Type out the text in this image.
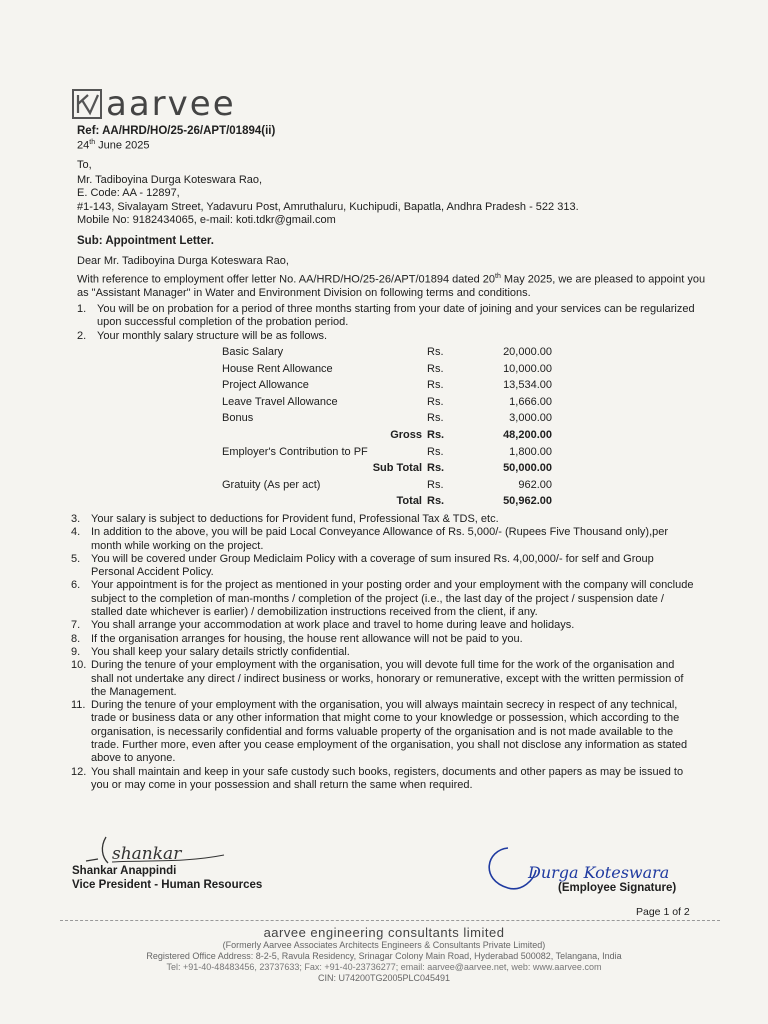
aarvee
Ref: AA/HRD/HO/25-26/APT/01894(ii)
24th June 2025
To,
Mr. Tadiboyina Durga Koteswara Rao,
E. Code: AA - 12897,
#1-143, Sivalayam Street, Yadavuru Post, Amruthaluru, Kuchipudi, Bapatla, Andhra Pradesh - 522 313.
Mobile No: 9182434065, e-mail: koti.tdkr@gmail.com
Sub: Appointment Letter.
Dear Mr. Tadiboyina Durga Koteswara Rao,
With reference to employment offer letter No. AA/HRD/HO/25-26/APT/01894 dated 20th May 2025, we are pleased to appoint you as "Assistant Manager" in Water and Environment Division on following terms and conditions.
1. You will be on probation for a period of three months starting from your date of joining and your services can be regularized upon successful completion of the probation period.
2. Your monthly salary structure will be as follows.
Basic Salary	Rs.	20,000.00
House Rent Allowance	Rs.	10,000.00
Project Allowance	Rs.	13,534.00
Leave Travel Allowance	Rs.	1,666.00
Bonus	Rs.	3,000.00
Gross Rs.	48,200.00
Employer's Contribution to PF	Rs.	1,800.00
Sub Total Rs.	50,000.00
Gratuity (As per act)	Rs.	962.00
Total Rs.	50,962.00
3. Your salary is subject to deductions for Provident fund, Professional Tax & TDS, etc.
4. In addition to the above, you will be paid Local Conveyance Allowance of Rs. 5,000/- (Rupees Five Thousand only),per month while working on the project.
5. You will be covered under Group Mediclaim Policy with a coverage of sum insured Rs. 4,00,000/- for self and Group Personal Accident Policy.
6. Your appointment is for the project as mentioned in your posting order and your employment with the company will conclude subject to the completion of man-months / completion of the project (i.e., the last day of the project / suspension date / stalled date whichever is earlier) / demobilization instructions received from the client, if any.
7. You shall arrange your accommodation at work place and travel to home during leave and holidays.
8. If the organisation arranges for housing, the house rent allowance will not be paid to you.
9. You shall keep your salary details strictly confidential.
10. During the tenure of your employment with the organisation, you will devote full time for the work of the organisation and shall not undertake any direct / indirect business or works, honorary or remunerative, except with the written permission of the Management.
11. During the tenure of your employment with the organisation, you will always maintain secrecy in respect of any technical, trade or business data or any other information that might come to your knowledge or possession, which according to the organisation, is necessarily confidential and forms valuable property of the organisation and is not made available to the trade. Further more, even after you cease employment of the organisation, you shall not disclose any information as stated above to anyone.
12. You shall maintain and keep in your safe custody such books, registers, documents and other papers as may be issued to you or may come in your possession and shall return the same when required.
shankar
Shankar Anappindi
Vice President - Human Resources
Durga Koteswara
(Employee Signature)
Page 1 of 2
aarvee engineering consultants limited
(Formerly Aarvee Associates Architects Engineers & Consultants Private Limited)
Registered Office Address: 8-2-5, Ravula Residency, Srinagar Colony Main Road, Hyderabad 500082, Telangana, India
Tel: +91-40-48483456, 23737633; Fax: +91-40-23736277; email: aarvee@aarvee.net, web: www.aarvee.com
CIN: U74200TG2005PLC045491
